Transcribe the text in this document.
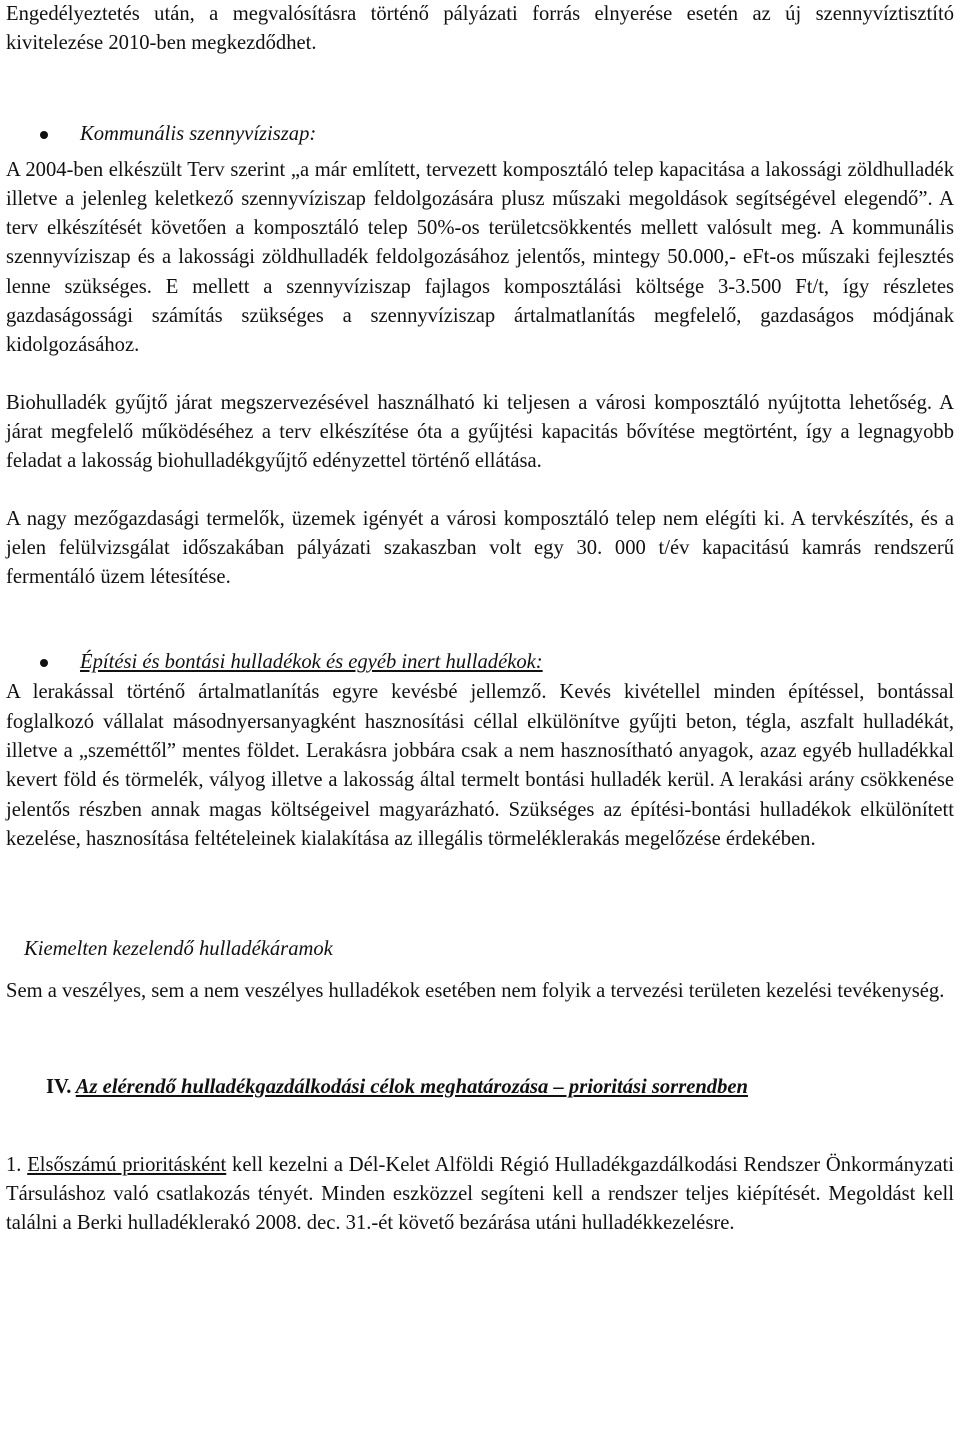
Engedélyeztetés után, a megvalósításra történő pályázati forrás elnyerése esetén az új szennyvíztisztító kivitelezése 2010-ben megkezdődhet.

Kommunális szennyvíziszap:

A 2004-ben elkészült Terv szerint „a már említett, tervezett komposztáló telep kapacitása a lakossági zöldhulladék illetve a jelenleg keletkező szennyvíziszap feldolgozására plusz műszaki megoldások segítségével elegendő”. A terv elkészítését követően a komposztáló telep 50%-os területcsökkentés mellett valósult meg. A kommunális szennyvíziszap és a lakossági zöldhulladék feldolgozásához jelentős, mintegy 50.000,- eFt-os műszaki fejlesztés lenne szükséges. E mellett a szennyvíziszap fajlagos komposztálási költsége 3-3.500 Ft/t, így részletes gazdaságossági számítás szükséges a szennyvíziszap ártalmatlanítás megfelelő, gazdaságos módjának kidolgozásához.

Biohulladék gyűjtő járat megszervezésével használható ki teljesen a városi komposztáló nyújtotta lehetőség. A járat megfelelő működéséhez a terv elkészítése óta a gyűjtési kapacitás bővítése megtörtént, így a legnagyobb feladat a lakosság biohulladékgyűjtő edényzettel történő ellátása.

A nagy mezőgazdasági termelők, üzemek igényét a városi komposztáló telep nem elégíti ki. A tervkészítés, és a jelen felülvizsgálat időszakában pályázati szakaszban volt egy 30. 000 t/év kapacitású kamrás rendszerű fermentáló üzem létesítése.

Építési és bontási hulladékok és egyéb inert hulladékok:

A lerakással történő ártalmatlanítás egyre kevésbé jellemző. Kevés kivétellel minden építéssel, bontással foglalkozó vállalat másodnyersanyagként hasznosítási céllal elkülönítve gyűjti beton, tégla, aszfalt hulladékát, illetve a „szeméttől” mentes földet. Lerakásra jobbára csak a nem hasznosítható anyagok, azaz egyéb hulladékkal kevert föld és törmelék, vályog illetve a lakosság által termelt bontási hulladék kerül. A lerakási arány csökkenése jelentős részben annak magas költségeivel magyarázható. Szükséges az építési-bontási hulladékok elkülönített kezelése, hasznosítása feltételeinek kialakítása az illegális törmeléklerakás megelőzése érdekében.

Kiemelten kezelendő hulladékáramok

Sem a veszélyes, sem a nem veszélyes hulladékok esetében nem folyik a tervezési területen kezelési tevékenység.

IV. Az elérendő hulladékgazdálkodási célok meghatározása – prioritási sorrendben

1. Elsőszámú prioritásként kell kezelni a Dél-Kelet Alföldi Régió Hulladékgazdálkodási Rendszer Önkormányzati Társuláshoz való csatlakozás tényét. Minden eszközzel segíteni kell a rendszer teljes kiépítését. Megoldást kell találni a Berki hulladéklerakó 2008. dec. 31.-ét követő bezárása utáni hulladékkezelésre.
